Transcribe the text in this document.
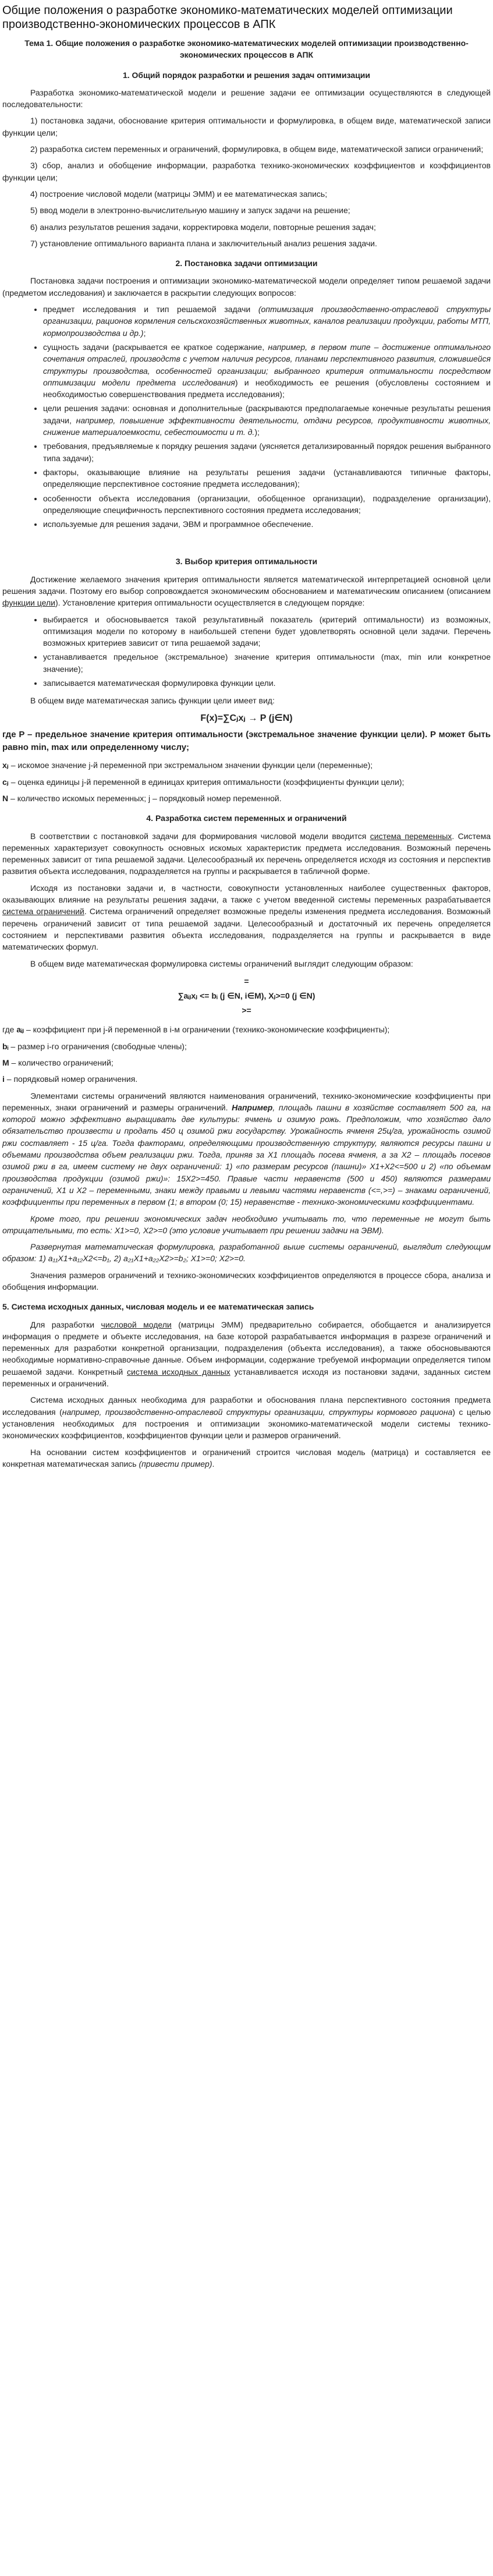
Общие положения о разработке экономико-математических моделей оптимизации производственно-экономических процессов в АПК
Тема 1. Общие положения о разработке экономико-математических моделей оптимизации производственно-экономических процессов в АПК
1. Общий порядок разработки и решения задач оптимизации

Разработка экономико-математической модели и решение задачи ее оптимизации осуществляются в следующей последовательности:

1) постановка задачи, обоснование критерия оптимальности и формулировка, в общем виде, математической записи функции цели;

2) разработка систем переменных и ограничений, формулировка, в общем виде, математической записи ограничений;

3) сбор, анализ и обобщение информации, разработка технико-экономических коэффициентов и коэффициентов функции цели;

4) построение числовой модели (матрицы ЭММ) и ее математическая запись;

5) ввод модели в электронно-вычислительную машину и запуск задачи на решение;

6) анализ результатов решения задачи, корректировка модели, повторные решения задач;

7) установление оптимального варианта плана и заключительный анализ решения задачи.

2. Постановка задачи оптимизации

Постановка задачи построения и оптимизации экономико-математической модели определяет типом решаемой задачи (предметом исследования) и заключается в раскрытии следующих вопросов:

• предмет исследования и тип решаемой задачи (оптимизация производственно-отраслевой структуры организации, рационов кормления сельскохозяйственных животных, каналов реализации продукции, работы МТП, кормопроизводства и др.);
• сущность задачи (раскрывается ее краткое содержание, например, в первом типе – достижение оптимального сочетания отраслей, производств с учетом наличия ресурсов, планами перспективного развития, сложившейся структуры производства, особенностей организации; выбранного критерия оптимальности посредством оптимизации модели предмета исследования) и необходимость ее решения (обусловлены состоянием и необходимостью совершенствования предмета исследования);
• цели решения задачи: основная и дополнительные (раскрываются предполагаемые конечные результаты решения задачи, например, повышение эффективности деятельности, отдачи ресурсов, продуктивности животных, снижение материалоемкости, себестоимости и т. д.);
• требования, предъявляемые к порядку решения задачи (уясняется детализированный порядок решения выбранного типа задачи);
• факторы, оказывающие влияние на результаты решения задачи (устанавливаются типичные факторы, определяющие перспективное состояние предмета исследования);
• особенности объекта исследования (организации, обобщенное организации), подразделение организации), определяющие специфичность перспективного состояния предмета исследования;
• используемые для решения задачи, ЭВМ и программное обеспечение.
3. Выбор критерия оптимальности

Достижение желаемого значения критерия оптимальности является математической интерпретацией основной цели решения задачи. Поэтому его выбор сопровождается экономическим обоснованием и математическим описанием (описанием функции цели). Установление критерия оптимальности осуществляется в следующем порядке:

• выбирается и обосновывается такой результативный показатель (критерий оптимальности) из возможных, оптимизация модели по которому в наибольшей степени будет удовлетворять основной цели задачи. Перечень возможных критериев зависит от типа решаемой задачи;
• устанавливается предельное (экстремальное) значение критерия оптимальности (max, min или конкретное значение);
• записывается математическая формулировка функции цели.

В общем виде математическая запись функции цели имеет вид:

F(x)=∑Cⱼxⱼ → P (j∈N)
где P – предельное значение критерия оптимальности (экстремальное значение функции цели). P может быть равно min, max или определенному числу;

xⱼ – искомое значение j-й переменной при экстремальном значении функции цели (переменные);

cⱼ – оценка единицы j-й переменной в единицах критерия оптимальности (коэффициенты функции цели);

N – количество искомых переменных; j – порядковый номер переменной.

4. Разработка систем переменных и ограничений

В соответствии с постановкой задачи для формирования числовой модели вводится система переменных. Система переменных характеризует совокупность основных искомых характеристик предмета исследования. Возможный перечень переменных зависит от типа решаемой задачи. Целесообразный их перечень определяется исходя из состояния и перспектив развития объекта исследования, подразделяется на группы и раскрывается в табличной форме.

Исходя из постановки задачи и, в частности, совокупности установленных наиболее существенных факторов, оказывающих влияние на результаты решения задачи, а также с учетом введенной системы переменных разрабатывается система ограничений. Система ограничений определяет возможные пределы изменения предмета исследования. Возможный перечень ограничений зависит от типа решаемой задачи. Целесообразный и достаточный их перечень определяется состоянием и перспективами развития объекта исследования, подразделяется на группы и раскрывается в виде математических формул.

В общем виде математическая формулировка системы ограничений выглядит следующим образом:

=
∑aᵢⱼxⱼ <= bᵢ (j ∈N, i∈M), Xⱼ>=0 (j ∈N)
>=

где aᵢⱼ – коэффициент при j-й переменной в i-м ограничении (технико-экономические коэффициенты);

bᵢ – размер i-го ограничения (свободные члены);

M – количество ограничений;

i – порядковый номер ограничения.

Элементами системы ограничений являются наименования ограничений, технико-экономические коэффициенты при переменных, знаки ограничений и размеры ограничений. Например, площадь пашни в хозяйстве составляет 500 га, на которой можно эффективно выращивать две культуры: ячмень и озимую рожь. Предположим, что хозяйство дало обязательство произвести и продать 450 ц озимой ржи государству. Урожайность ячменя 25ц/га, урожайность озимой ржи составляет - 15 ц/га. Тогда факторами, определяющими производственную структуру, являются ресурсы пашни и объемами производства объем реализации ржи. Тогда, приняв за Х1 площадь посева ячменя, а за Х2 – площадь посевов озимой ржи в га, имеем систему не двух ограничений: 1) «по размерам ресурсов (пашни)» Х1+Х2<=500 и 2) «по объемам производства продукции (озимой ржи)»: 15Х2>=450. Правые части неравенств (500 и 450) являются размерами ограничений, Х1 и Х2 – переменными, знаки между правыми и левыми частями неравенств (<=,>=) – знаками ограничений, коэффициенты при переменных в первом (1; в втором (0; 15) неравенстве - технико-экономическими коэффициентами.

Кроме того, при решении экономических задач необходимо учитывать то, что переменные не могут быть отрицательными, то есть: Х1>=0, Х2>=0 (это условие учитывает при решении задачи на ЭВМ).

Развернутая математическая формулировка, разработанной выше системы ограничений, выглядит следующим образом: 1) a₁₁Х1+a₁₂Х2<=b₁, 2) a₂₁Х1+a₂₂Х2>=b₂; Х1>=0; Х2>=0.

Значения размеров ограничений и технико-экономических коэффициентов определяются в процессе сбора, анализа и обобщения информации.

5. Система исходных данных, числовая модель и ее математическая запись

Для разработки числовой модели (матрицы ЭММ) предварительно собирается, обобщается и анализируется информация о предмете и объекте исследования, на базе которой разрабатывается информация в разрезе ограничений и переменных для разработки конкретной организации, подразделения (объекта исследования), а также обосновываются необходимые нормативно-справочные данные. Объем информации, содержание требуемой информации определяется типом решаемой задачи. Конкретный система исходных данных устанавливается исходя из постановки задачи, заданных систем переменных и ограничений.

Система исходных данных необходима для разработки и обоснования плана перспективного состояния предмета исследования (например, производственно-отраслевой структуры организации, структуры кормового рациона) с целью установления необходимых для построения и оптимизации экономико-математической модели системы технико-экономических коэффициентов, коэффициентов функции цели и размеров ограничений.

На основании систем коэффициентов и ограничений строится числовая модель (матрица) и составляется ее конкретная математическая запись (привести пример).
